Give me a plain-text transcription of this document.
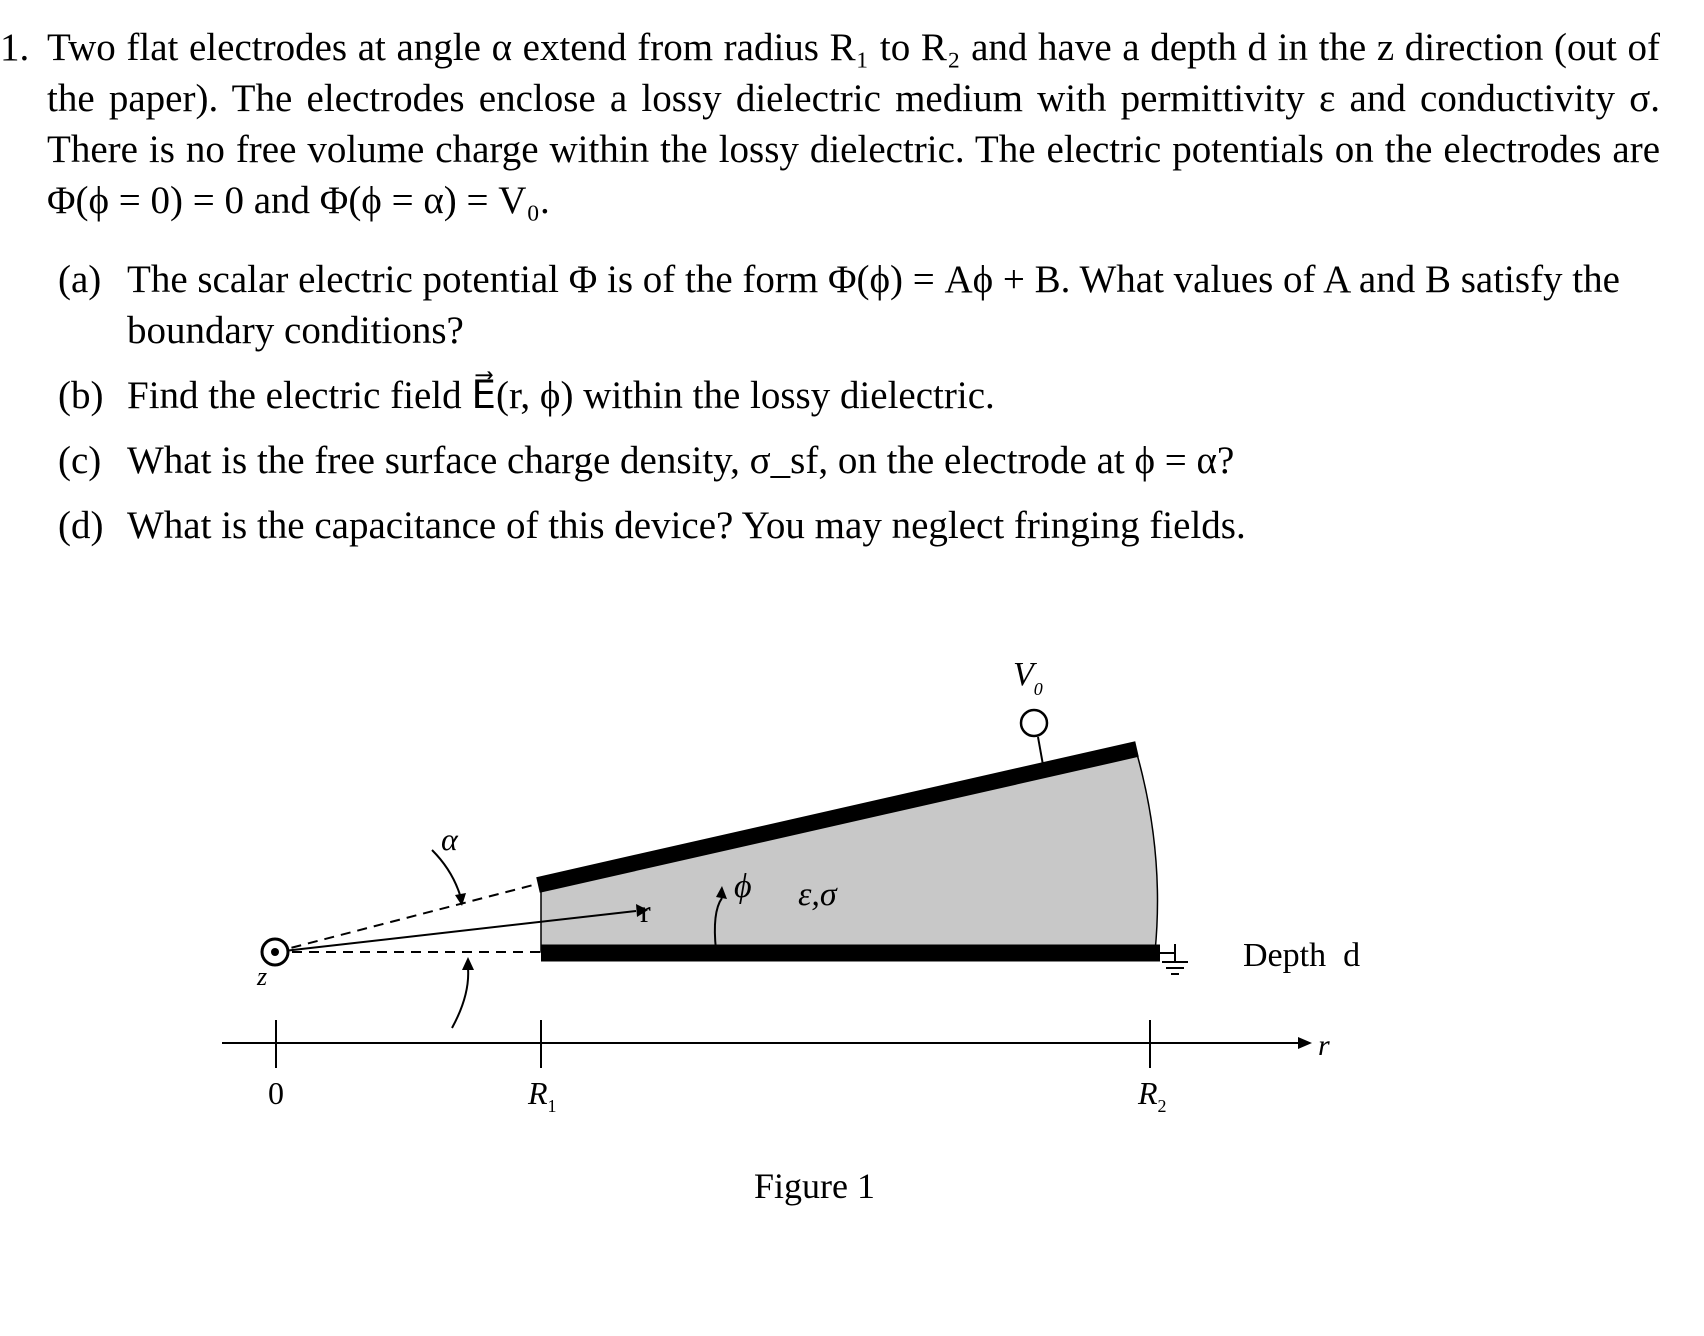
1. Two flat electrodes at angle α extend from radius R₁ to R₂ and have a depth d in the z direction (out of the paper). The electrodes enclose a lossy dielectric medium with permittivity ε and conductivity σ. There is no free volume charge within the lossy dielectric. The electric potentials on the electrodes are Φ(ϕ = 0) = 0 and Φ(ϕ = α) = V₀.
(a) The scalar electric potential Φ is of the form Φ(ϕ) = Aϕ + B. What values of A and B satisfy the boundary conditions?
(b) Find the electric field E⃗(r, ϕ) within the lossy dielectric.
(c) What is the free surface charge density, σ_sf, on the electrode at ϕ = α?
(d) What is the capacitance of this device? You may neglect fringing fields.
r
ϕ ε,σ
α
z
$V_0$
Depth  d
r
0	$R_1$	$R_2$
Figure 1
